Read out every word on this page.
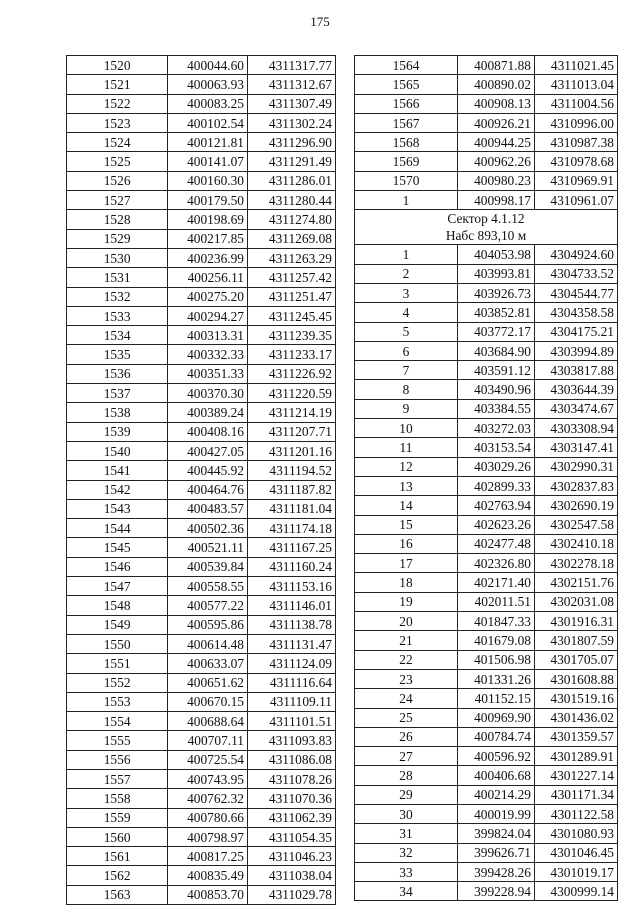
175
1520	400044.60	4311317.77
1521	400063.93	4311312.67
1522	400083.25	4311307.49
1523	400102.54	4311302.24
1524	400121.81	4311296.90
1525	400141.07	4311291.49
1526	400160.30	4311286.01
1527	400179.50	4311280.44
1528	400198.69	4311274.80
1529	400217.85	4311269.08
1530	400236.99	4311263.29
1531	400256.11	4311257.42
1532	400275.20	4311251.47
1533	400294.27	4311245.45
1534	400313.31	4311239.35
1535	400332.33	4311233.17
1536	400351.33	4311226.92
1537	400370.30	4311220.59
1538	400389.24	4311214.19
1539	400408.16	4311207.71
1540	400427.05	4311201.16
1541	400445.92	4311194.52
1542	400464.76	4311187.82
1543	400483.57	4311181.04
1544	400502.36	4311174.18
1545	400521.11	4311167.25
1546	400539.84	4311160.24
1547	400558.55	4311153.16
1548	400577.22	4311146.01
1549	400595.86	4311138.78
1550	400614.48	4311131.47
1551	400633.07	4311124.09
1552	400651.62	4311116.64
1553	400670.15	4311109.11
1554	400688.64	4311101.51
1555	400707.11	4311093.83
1556	400725.54	4311086.08
1557	400743.95	4311078.26
1558	400762.32	4311070.36
1559	400780.66	4311062.39
1560	400798.97	4311054.35
1561	400817.25	4311046.23
1562	400835.49	4311038.04
1563	400853.70	4311029.78
1564	400871.88	4311021.45
1565	400890.02	4311013.04
1566	400908.13	4311004.56
1567	400926.21	4310996.00
1568	400944.25	4310987.38
1569	400962.26	4310978.68
1570	400980.23	4310969.91
1	400998.17	4310961.07

Сектор 4.1.12
Набс 893,10 м		

1	404053.98	4304924.60
2	403993.81	4304733.52
3	403926.73	4304544.77
4	403852.81	4304358.58
5	403772.17	4304175.21
6	403684.90	4303994.89
7	403591.12	4303817.88
8	403490.96	4303644.39
9	403384.55	4303474.67
10	403272.03	4303308.94
11	403153.54	4303147.41
12	403029.26	4302990.31
13	402899.33	4302837.83
14	402763.94	4302690.19
15	402623.26	4302547.58
16	402477.48	4302410.18
17	402326.80	4302278.18
18	402171.40	4302151.76
19	402011.51	4302031.08
20	401847.33	4301916.31
21	401679.08	4301807.59
22	401506.98	4301705.07
23	401331.26	4301608.88
24	401152.15	4301519.16
25	400969.90	4301436.02
26	400784.74	4301359.57
27	400596.92	4301289.91
28	400406.68	4301227.14
29	400214.29	4301171.34
30	400019.99	4301122.58
31	399824.04	4301080.93
32	399626.71	4301046.45
33	399428.26	4301019.17
34	399228.94	4300999.14
